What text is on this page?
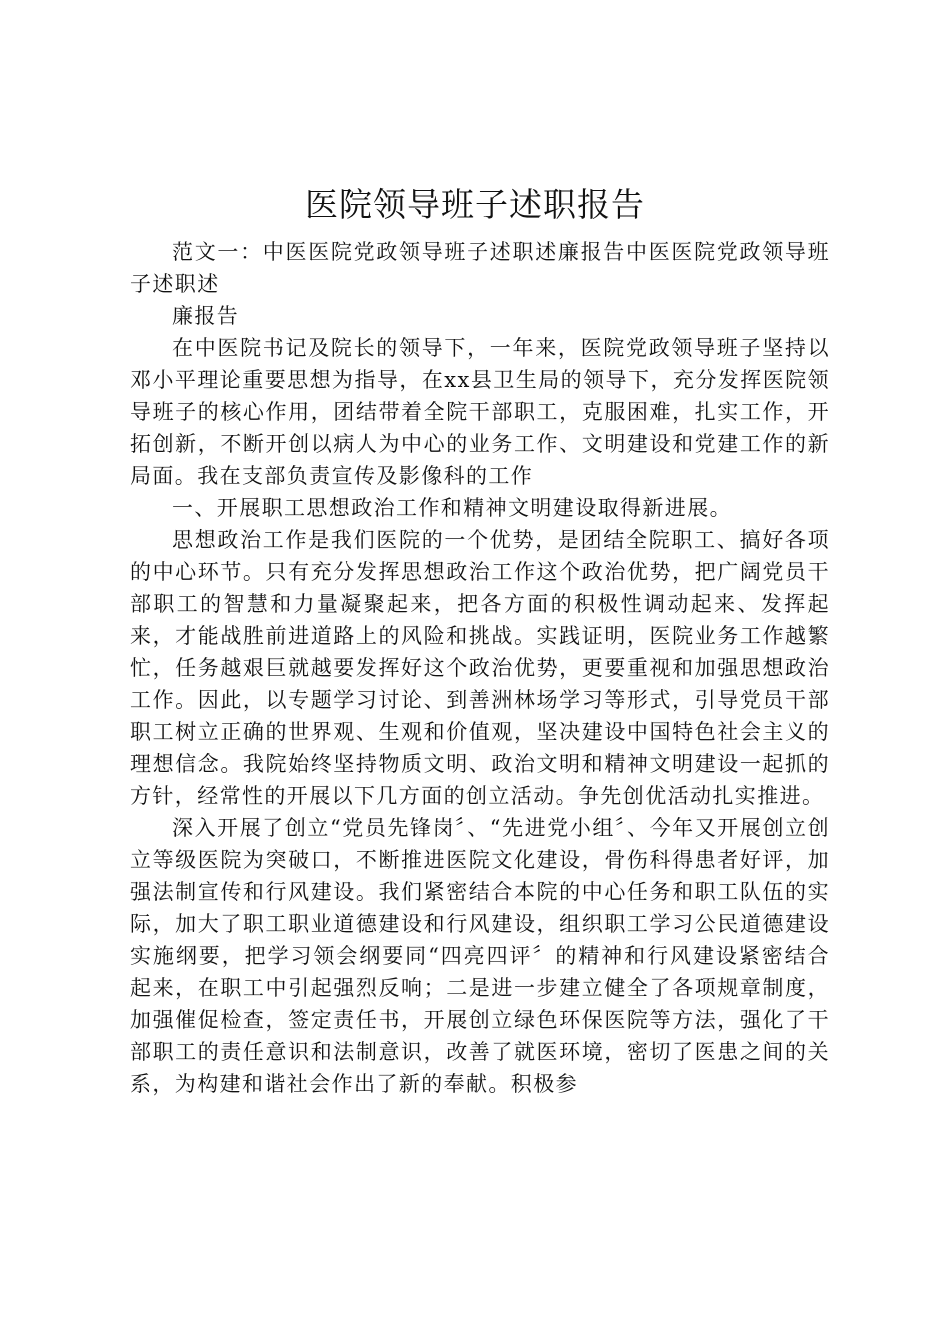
医院领导班子述职报告

范文一：中医医院党政领导班子述职述廉报告中医医院党政领导班子述职述

廉报告

在中医院书记及院长的领导下，一年来，医院党政领导班子坚持以邓小平理论重要思想为指导，在xx县卫生局的领导下，充分发挥医院领导班子的核心作用，团结带着全院干部职工，克服困难，扎实工作，开拓创新，不断开创以病人为中心的业务工作、文明建设和党建工作的新局面。我在支部负责宣传及影像科的工作

一、开展职工思想政治工作和精神文明建设取得新进展。

思想政治工作是我们医院的一个优势，是团结全院职工、搞好各项的中心环节。只有充分发挥思想政治工作这个政治优势，把广阔党员干部职工的智慧和力量凝聚起来，把各方面的积极性调动起来、发挥起来，才能战胜前进道路上的风险和挑战。实践证明，医院业务工作越繁忙，任务越艰巨就越要发挥好这个政治优势，更要重视和加强思想政治工作。因此，以专题学习讨论、到善洲林场学习等形式，引导党员干部职工树立正确的世界观、生观和价值观，坚决建设中国特色社会主义的理想信念。我院始终坚持物质文明、政治文明和精神文明建设一起抓的方针，经常性的开展以下几方面的创立活动。争先创优活动扎实推进。

深入开展了创立“党员先锋岗〞、“先进党小组〞、今年又开展创立创立等级医院为突破口，不断推进医院文化建设，骨伤科得患者好评，加强法制宣传和行风建设。我们紧密结合本院的中心任务和职工队伍的实际，加大了职工职业道德建设和行风建设，组织职工学习公民道德建设实施纲要，把学习领会纲要同“四亮四评〞的精神和行风建设紧密结合起来，在职工中引起强烈反响；二是进一步建立健全了各项规章制度，加强催促检查，签定责任书，开展创立绿色环保医院等方法，强化了干部职工的责任意识和法制意识，改善了就医环境，密切了医患之间的关系，为构建和谐社会作出了新的奉献。积极参
